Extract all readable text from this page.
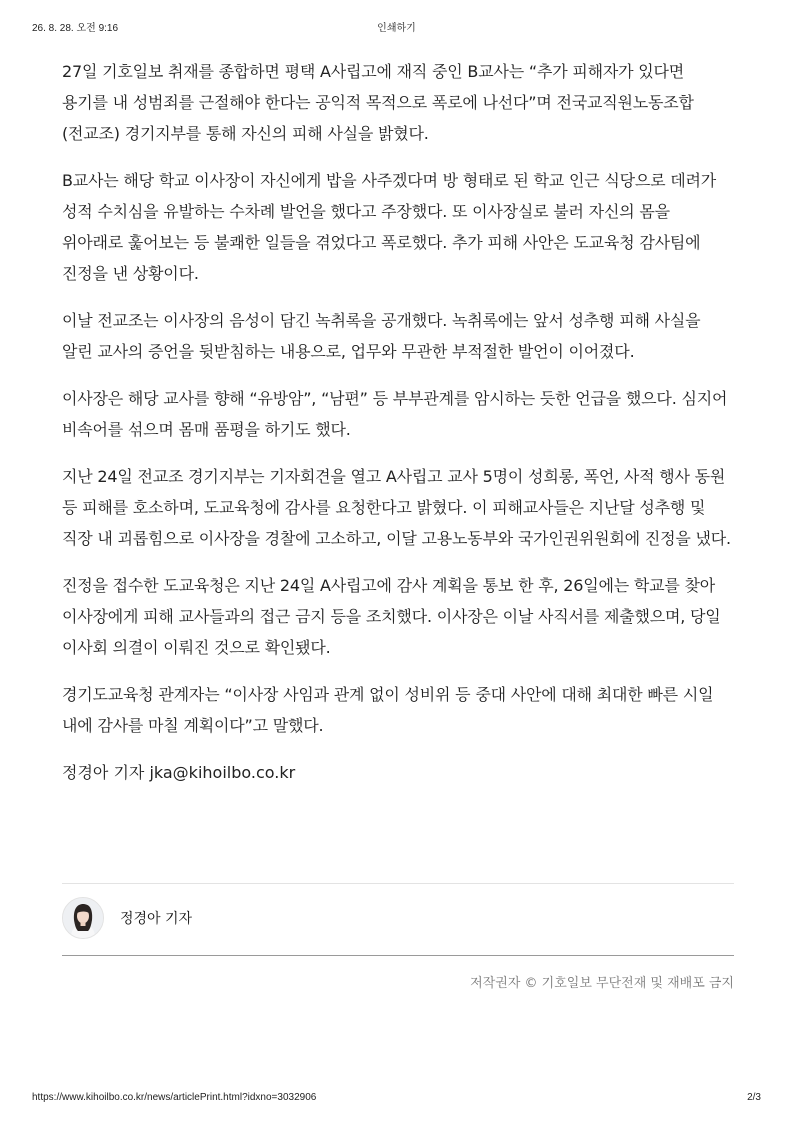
26. 8. 28. 오전 9:16	인쇄하기

27일 기호일보 취재를 종합하면 평택 A사립고에 재직 중인 B교사는 “추가 피해자가 있다면 용기를 내 성범죄를 근절해야 한다는 공익적 목적으로 폭로에 나선다”며 전국교직원노동조합(전교조) 경기지부를 통해 자신의 피해 사실을 밝혔다.

B교사는 해당 학교 이사장이 자신에게 밥을 사주겠다며 방 형태로 된 학교 인근 식당으로 데려가 성적 수치심을 유발하는 수차례 발언을 했다고 주장했다. 또 이사장실로 불러 자신의 몸을 위아래로 훑어보는 등 불쾌한 일들을 겪었다고 폭로했다. 추가 피해 사안은 도교육청 감사팀에 진정을 낸 상황이다.

이날 전교조는 이사장의 음성이 담긴 녹취록을 공개했다. 녹취록에는 앞서 성추행 피해 사실을 알린 교사의 증언을 뒷받침하는 내용으로, 업무와 무관한 부적절한 발언이 이어졌다.

이사장은 해당 교사를 향해 “유방암”, “남편” 등 부부관계를 암시하는 듯한 언급을 했으다. 심지어 비속어를 섞으며 몸매 품평을 하기도 했다.

지난 24일 전교조 경기지부는 기자회견을 열고 A사립고 교사 5명이 성희롱, 폭언, 사적 행사 동원 등 피해를 호소하며, 도교육청에 감사를 요청한다고 밝혔다. 이 피해교사들은 지난달 성추행 및 직장 내 괴롭힘으로 이사장을 경찰에 고소하고, 이달 고용노동부와 국가인권위원회에 진정을 냈다.

진정을 접수한 도교육청은 지난 24일 A사립고에 감사 계획을 통보 한 후, 26일에는 학교를 찾아 이사장에게 피해 교사들과의 접근 금지 등을 조치했다. 이사장은 이날 사직서를 제출했으며, 당일 이사회 의결이 이뤄진 것으로 확인됐다.

경기도교육청 관계자는 “이사장 사임과 관계 없이 성비위 등 중대 사안에 대해 최대한 빠른 시일 내에 감사를 마칠 계획이다”고 말했다.

정경아 기자 jka@kihoilbo.co.kr

정경아 기자
저작권자 © 기호일보 무단전재 및 재배포 금지
https://www.kihoilbo.co.kr/news/articlePrint.html?idxno=3032906	2/3
